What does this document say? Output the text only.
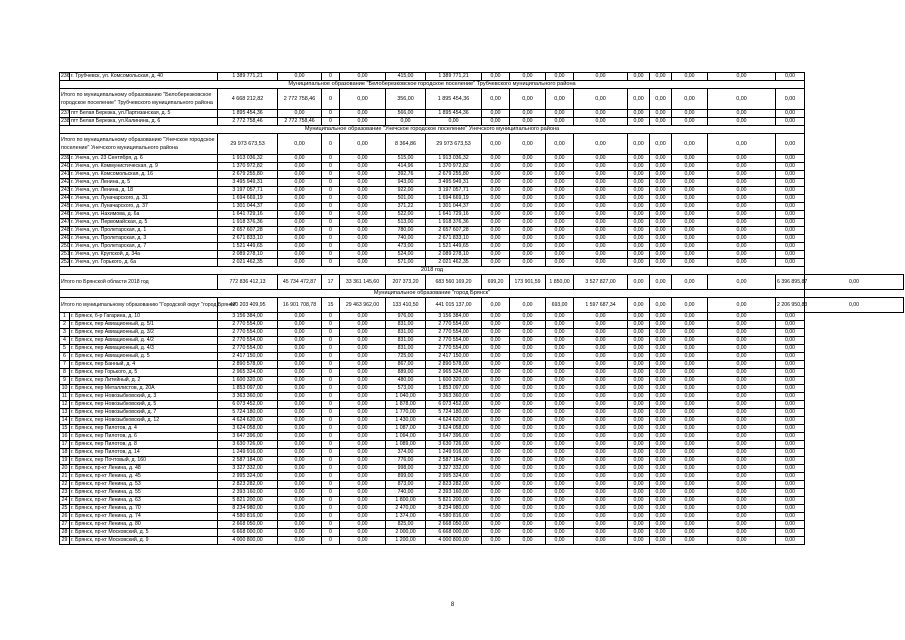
236	г. Трубчевск, ул. Комсомольская, д. 40	1 389 771,21	0,00	0	0,00	415,00	1 389 771,21	0,00	0,00	0,00	0,00	0,00	0,00	0,00	0,00	0,00	
Муниципальное образование "Белоберезковское городское поселение" Трубчевского муниципального района																	
Итого по муниципальному образованию "Белоберезковское городское поселение" Трубчевского муниципального района		4 668 212,82	2 772 758,46	0	0,00	356,00	1 895 454,36	0,00	0,00	0,00	0,00	0,00	0,00	0,00	0,00	0,00	
237	пгт Белая Березка, ул.Партизанская, д. 5	1 895 454,36	0,00	0	0,00	566,00	1 895 454,36	0,00	0,00	0,00	0,00	0,00	0,00	0,00	0,00	0,00	
238	пгт Белая Березка, ул.Калинина, д. 6	2 772 758,46	2 772 758,46	0	0,00	0,00	0,00	0,00	0,00	0,00	0,00	0,00	0,00	0,00	0,00	0,00	
Муниципальное образование "Унечское городское поселение" Унечского муниципального района																	
Итого по муниципальному образованию "Унечское городское поселение" Унечского муниципального района		29 973 673,53	0,00	0	0,00	8 364,86	29 973 673,53	0,00	0,00	0,00	0,00	0,00	0,00	0,00	0,00	0,00	
239	г. Унеча, ул. 23 Сентября, д. 6	1 913 036,32	0,00	0	0,00	515,00	1 913 036,32	0,00	0,00	0,00	0,00	0,00	0,00	0,00	0,00	0,00	
240	г. Унеча, ул. Коммунистическая, д. 9	1 370 972,82	0,00	0	0,00	414,96	1 370 972,82	0,00	0,00	0,00	0,00	0,00	0,00	0,00	0,00	0,00	
241	г. Унеча, ул. Комсомольская, д. 16	2 679 255,80	0,00	0	0,00	392,76	2 679 255,80	0,00	0,00	0,00	0,00	0,00	0,00	0,00	0,00	0,00	
242	г. Унеча, ул. Ленина, д. 5	3 495 949,31	0,00	0	0,00	943,00	3 495 949,31	0,00	0,00	0,00	0,00	0,00	0,00	0,00	0,00	0,00	
243	г. Унеча, ул. Ленина, д. 18	3 197 057,71	0,00	0	0,00	922,00	3 197 057,71	0,00	0,00	0,00	0,00	0,00	0,00	0,00	0,00	0,00	
244	г. Унеча, ул. Луначарского, д. 31	1 694 669,19	0,00	0	0,00	501,00	1 694 669,19	0,00	0,00	0,00	0,00	0,00	0,00	0,00	0,00	0,00	
245	г. Унеча, ул. Луначарского, д. 37	1 301 044,37	0,00	0	0,00	371,22	1 301 044,37	0,00	0,00	0,00	0,00	0,00	0,00	0,00	0,00	0,00	
246	г. Унеча, ул. Нахимова, д. 6а	1 641 729,16	0,00	0	0,00	522,00	1 641 729,16	0,00	0,00	0,00	0,00	0,00	0,00	0,00	0,00	0,00	
247	г. Унеча, ул. Первомайская, д. 5	1 918 376,36	0,00	0	0,00	513,00	1 918 376,36	0,00	0,00	0,00	0,00	0,00	0,00	0,00	0,00	0,00	
248	г. Унеча, ул. Пролетарская, д. 1	2 657 607,28	0,00	0	0,00	780,00	2 657 607,28	0,00	0,00	0,00	0,00	0,00	0,00	0,00	0,00	0,00	
249	г. Унеча, ул. Пролетарская, д. 3	2 671 833,10	0,00	0	0,00	740,00	2 671 833,10	0,00	0,00	0,00	0,00	0,00	0,00	0,00	0,00	0,00	
250	г. Унеча, ул. Пролетарская, д. 7	1 521 449,65	0,00	0	0,00	473,00	1 521 449,65	0,00	0,00	0,00	0,00	0,00	0,00	0,00	0,00	0,00	
251	г. Унеча, ул. Крупской, д. 34а	2 089 278,10	0,00	0	0,00	524,00	2 089 278,10	0,00	0,00	0,00	0,00	0,00	0,00	0,00	0,00	0,00	
252	г. Унеча, ул. Горького, д. 6а	2 021 462,35	0,00	0	0,00	571,00	2 021 462,35	0,00	0,00	0,00	0,00	0,00	0,00	0,00	0,00	0,00	
2018 год																	
Итого по Брянской области 2018 год		772 836 412,13	45 734 472,87	17	33 361 145,60	207 373,20	683 560 169,20	699,20	173 901,59	1 850,00	3 527 827,00	0,00	0,00	0,00	0,00	6 396 895,87	0,00
Муниципальное образование "город Брянск"																	
Итого по муниципальному образованию "Городской округ "город Брянск"		490 203 409,95	16 901 708,78	15	29 463 962,00	133 410,50	441 015 137,00	0,00	0,00	693,00	1 597 687,34	0,00	0,00	0,00	0,00	2 206 950,83	0,00
1	г. Брянск, б-р Гагарина, д. 10	3 156 384,00	0,00	0	0,00	976,00	3 156 384,00	0,00	0,00	0,00	0,00	0,00	0,00	0,00	0,00	0,00	
2	г. Брянск, пер Авиационный, д. 5/1	2 770 554,00	0,00	0	0,00	831,00	2 770 554,00	0,00	0,00	0,00	0,00	0,00	0,00	0,00	0,00	0,00	
3	г. Брянск, пер Авиационный, д. 3/2	2 770 554,00	0,00	0	0,00	831,00	2 770 554,00	0,00	0,00	0,00	0,00	0,00	0,00	0,00	0,00	0,00	
4	г. Брянск, пер Авиационный, д. 4/2	2 770 554,00	0,00	0	0,00	831,00	2 770 554,00	0,00	0,00	0,00	0,00	0,00	0,00	0,00	0,00	0,00	
5	г. Брянск, пер Авиационный, д. 4/3	2 770 554,00	0,00	0	0,00	831,00	2 770 554,00	0,00	0,00	0,00	0,00	0,00	0,00	0,00	0,00	0,00	
6	г. Брянск, пер Авиационный, д. 5	2 417 150,00	0,00	0	0,00	725,00	2 417 150,00	0,00	0,00	0,00	0,00	0,00	0,00	0,00	0,00	0,00	
7	г. Брянск, пер Банный, д. 4	2 890 578,00	0,00	0	0,00	867,00	2 890 578,00	0,00	0,00	0,00	0,00	0,00	0,00	0,00	0,00	0,00	
8	г. Брянск, пер Горького, д. 5	2 965 324,00	0,00	0	0,00	889,00	2 965 324,00	0,00	0,00	0,00	0,00	0,00	0,00	0,00	0,00	0,00	
9	г. Брянск, пер Литейный, д. 2	1 600 320,00	0,00	0	0,00	480,00	1 600 320,00	0,00	0,00	0,00	0,00	0,00	0,00	0,00	0,00	0,00	
10	г. Брянск, пер Металлистов, д. 20А	1 853 097,00	0,00	0	0,00	573,00	1 853 097,00	0,00	0,00	0,00	0,00	0,00	0,00	0,00	0,00	0,00	
11	г. Брянск, пер Новозыбковский, д. 3	3 363 360,00	0,00	0	0,00	1 040,00	3 363 360,00	0,00	0,00	0,00	0,00	0,00	0,00	0,00	0,00	0,00	
12	г. Брянск, пер Новозыбковский, д. 5	6 073 452,00	0,00	0	0,00	1 878,00	6 073 452,00	0,00	0,00	0,00	0,00	0,00	0,00	0,00	0,00	0,00	
13	г. Брянск, пер Новозыбковский, д. 7	5 724 180,00	0,00	0	0,00	1 770,00	5 724 180,00	0,00	0,00	0,00	0,00	0,00	0,00	0,00	0,00	0,00	
14	г. Брянск, пер Новозыбковский, д. 12	4 624 620,00	0,00	0	0,00	1 430,00	4 624 620,00	0,00	0,00	0,00	0,00	0,00	0,00	0,00	0,00	0,00	
15	г. Брянск, пер Пилотов, д. 4	3 624 058,00	0,00	0	0,00	1 087,00	3 624 058,00	0,00	0,00	0,00	0,00	0,00	0,00	0,00	0,00	0,00	
16	г. Брянск, пер Пилотов, д. 6	3 647 396,00	0,00	0	0,00	1 094,00	3 647 396,00	0,00	0,00	0,00	0,00	0,00	0,00	0,00	0,00	0,00	
17	г. Брянск, пер Пилотов, д. 8	3 630 726,00	0,00	0	0,00	1 089,00	3 630 726,00	0,00	0,00	0,00	0,00	0,00	0,00	0,00	0,00	0,00	
18	г. Брянск, пер Пилотов, д. 14	1 249 916,00	0,00	0	0,00	374,00	1 249 916,00	0,00	0,00	0,00	0,00	0,00	0,00	0,00	0,00	0,00	
19	г. Брянск, пер Почтовый, д. 160	2 587 184,00	0,00	0	0,00	776,00	2 587 184,00	0,00	0,00	0,00	0,00	0,00	0,00	0,00	0,00	0,00	
20	г. Брянск, пр-кт Ленина, д. 48	3 327 332,00	0,00	0	0,00	998,00	3 327 332,00	0,00	0,00	0,00	0,00	0,00	0,00	0,00	0,00	0,00	
21	г. Брянск, пр-кт Ленина, д. 45	2 995 324,00	0,00	0	0,00	899,00	2 995 324,00	0,00	0,00	0,00	0,00	0,00	0,00	0,00	0,00	0,00	
22	г. Брянск, пр-кт Ленина, д. 53	2 823 282,00	0,00	0	0,00	873,00	2 823 282,00	0,00	0,00	0,00	0,00	0,00	0,00	0,00	0,00	0,00	
23	г. Брянск, пр-кт Ленина, д. 55	2 393 160,00	0,00	0	0,00	740,00	2 393 160,00	0,00	0,00	0,00	0,00	0,00	0,00	0,00	0,00	0,00	
24	г. Брянск, пр-кт Ленина, д. 63	5 821 200,00	0,00	0	0,00	1 800,00	5 821 200,00	0,00	0,00	0,00	0,00	0,00	0,00	0,00	0,00	0,00	
25	г. Брянск, пр-кт Ленина, д. 70	8 234 980,00	0,00	0	0,00	2 470,00	8 234 980,00	0,00	0,00	0,00	0,00	0,00	0,00	0,00	0,00	0,00	
26	г. Брянск, пр-кт Ленина, д. 74	4 580 816,00	0,00	0	0,00	1 374,00	4 580 816,00	0,00	0,00	0,00	0,00	0,00	0,00	0,00	0,00	0,00	
27	г. Брянск, пр-кт Ленина, д. 80	2 668 050,00	0,00	0	0,00	825,00	2 668 050,00	0,00	0,00	0,00	0,00	0,00	0,00	0,00	0,00	0,00	
28	г. Брянск, пр-кт Московский, д. 5	6 668 000,00	0,00	0	0,00	2 000,00	6 668 000,00	0,00	0,00	0,00	0,00	0,00	0,00	0,00	0,00	0,00	
29	г. Брянск, пр-кт Московский, д. 9	4 000 800,00	0,00	0	0,00	1 200,00	4 000 800,00	0,00	0,00	0,00	0,00	0,00	0,00	0,00	0,00	0,00	
8
